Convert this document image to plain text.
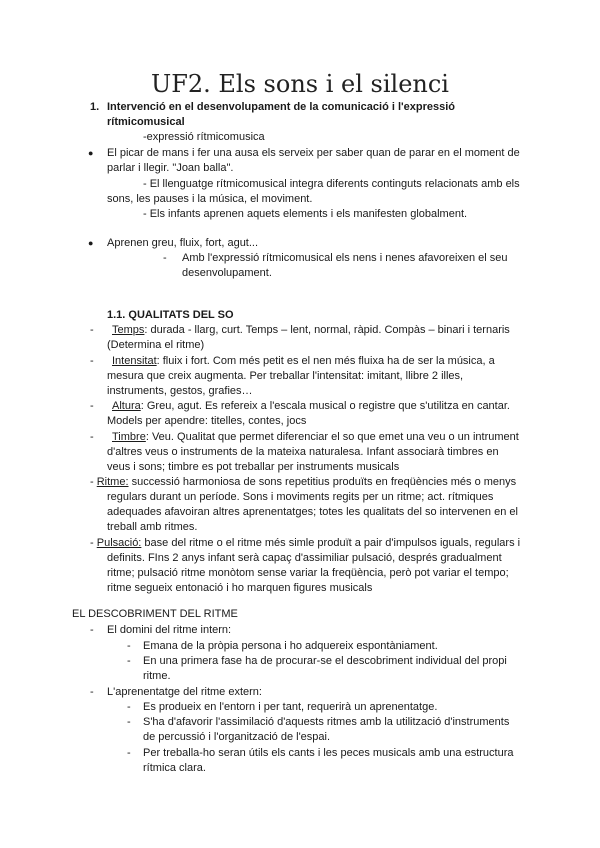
UF2. Els sons i el silenci
1. Intervenció en el desenvolupament de la comunicació i l'expressió
rítmicomusical
-expressió rítmicomusica
● El picar de mans i fer una ausa els serveix per saber quan de parar en el moment de
parlar i llegir. "Joan balla".
- El llenguatge rítmicomusical integra diferents continguts relacionats amb els
sons, les pauses i la música, el moviment.
- Els infants aprenen aquets elements i els manifesten globalment.
● Aprenen greu, fluix, fort, agut...
- Amb l'expressió rítmicomusical els nens i nenes afavoreixen el seu
desenvolupament.
1.1. QUALITATS DEL SO
- Temps: durada - llarg, curt. Temps – lent, normal, ràpid. Compàs – binari i ternaris
(Determina el ritme)
- Intensitat: fluix i fort. Com més petit es el nen més fluixa ha de ser la música, a
mesura que creix augmenta. Per treballar l'intensitat: imitant, llibre 2 illes,
instruments, gestos, grafies…
- Altura: Greu, agut. Es refereix a l'escala musical o registre que s'utilitza en cantar.
Models per apendre: titelles, contes, jocs
- Timbre: Veu. Qualitat que permet diferenciar el so que emet una veu o un intrument
d'altres veus o instruments de la mateixa naturalesa. Infant associarà timbres en
veus i sons; timbre es pot treballar per instruments musicals
- Ritme: successió harmoniosa de sons repetitius produïts en freqüències més o menys
regulars durant un període. Sons i moviments regits per un ritme; act. rítmiques
adequades afavoiran altres aprenentatges; totes les qualitats del so intervenen en el
treball amb ritmes.
- Pulsació: base del ritme o el ritme més simle produït a pair d'impulsos iguals, regulars i
definits. FIns 2 anys infant serà capaç d'assimiliar pulsació, després gradualment
ritme; pulsació ritme monòtom sense variar la freqüència, però pot variar el tempo;
ritme segueix entonació i ho marquen figures musicals
EL DESCOBRIMENT DEL RITME
- El domini del ritme intern:
- Emana de la pròpia persona i ho adquereix espontàniament.
- En una primera fase ha de procurar-se el descobriment individual del propi
ritme.
- L'aprenentatge del ritme extern:
- Es produeix en l'entorn i per tant, requerirà un aprenentatge.
- S'ha d'afavorir l'assimilació d'aquests ritmes amb la utilització d'instruments
de percussió i l'organització de l'espai.
- Per treballa-ho seran útils els cants i les peces musicals amb una estructura
rítmica clara.
